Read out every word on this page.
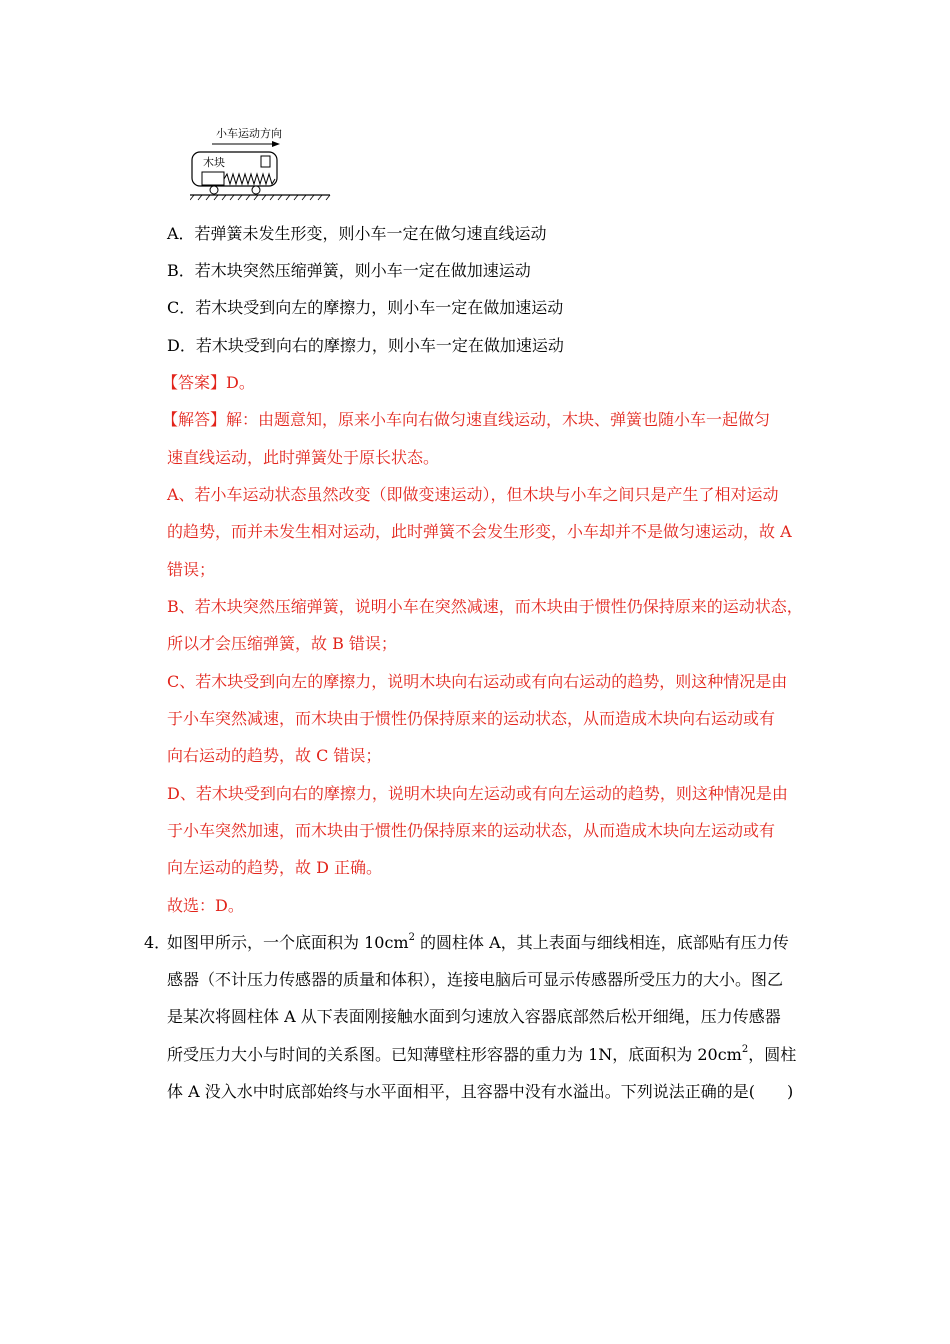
小车运动方向
木块
A．若弹簧未发生形变，则小车一定在做匀速直线运动
B．若木块突然压缩弹簧，则小车一定在做加速运动
C．若木块受到向左的摩擦力，则小车一定在做加速运动
D．若木块受到向右的摩擦力，则小车一定在做加速运动
【答案】D。
【解答】解：由题意知，原来小车向右做匀速直线运动，木块、弹簧也随小车一起做匀
速直线运动，此时弹簧处于原长状态。
A、若小车运动状态虽然改变（即做变速运动），但木块与小车之间只是产生了相对运动
的趋势，而并未发生相对运动，此时弹簧不会发生形变，小车却并不是做匀速运动，故 A
错误；
B、若木块突然压缩弹簧，说明小车在突然减速，而木块由于惯性仍保持原来的运动状态，
所以才会压缩弹簧，故 B 错误；
C、若木块受到向左的摩擦力，说明木块向右运动或有向右运动的趋势，则这种情况是由
于小车突然减速，而木块由于惯性仍保持原来的运动状态，从而造成木块向右运动或有
向右运动的趋势，故 C 错误；
D、若木块受到向右的摩擦力，说明木块向左运动或有向左运动的趋势，则这种情况是由
于小车突然加速，而木块由于惯性仍保持原来的运动状态，从而造成木块向左运动或有
向左运动的趋势，故 D 正确。
故选：D。
4．
如图甲所示，一个底面积为 $10cm^2$ 的圆柱体 A，其上表面与细线相连，底部贴有压力传
感器（不计压力传感器的质量和体积），连接电脑后可显示传感器所受压力的大小。图乙
是某次将圆柱体 A 从下表面刚接触水面到匀速放入容器底部然后松开细绳，压力传感器
所受压力大小与时间的关系图。已知薄壁柱形容器的重力为 1N，底面积为 $20cm^2$，圆柱
体 A 没入水中时底部始终与水平面相平，且容器中没有水溢出。下列说法正确的是(　　)
